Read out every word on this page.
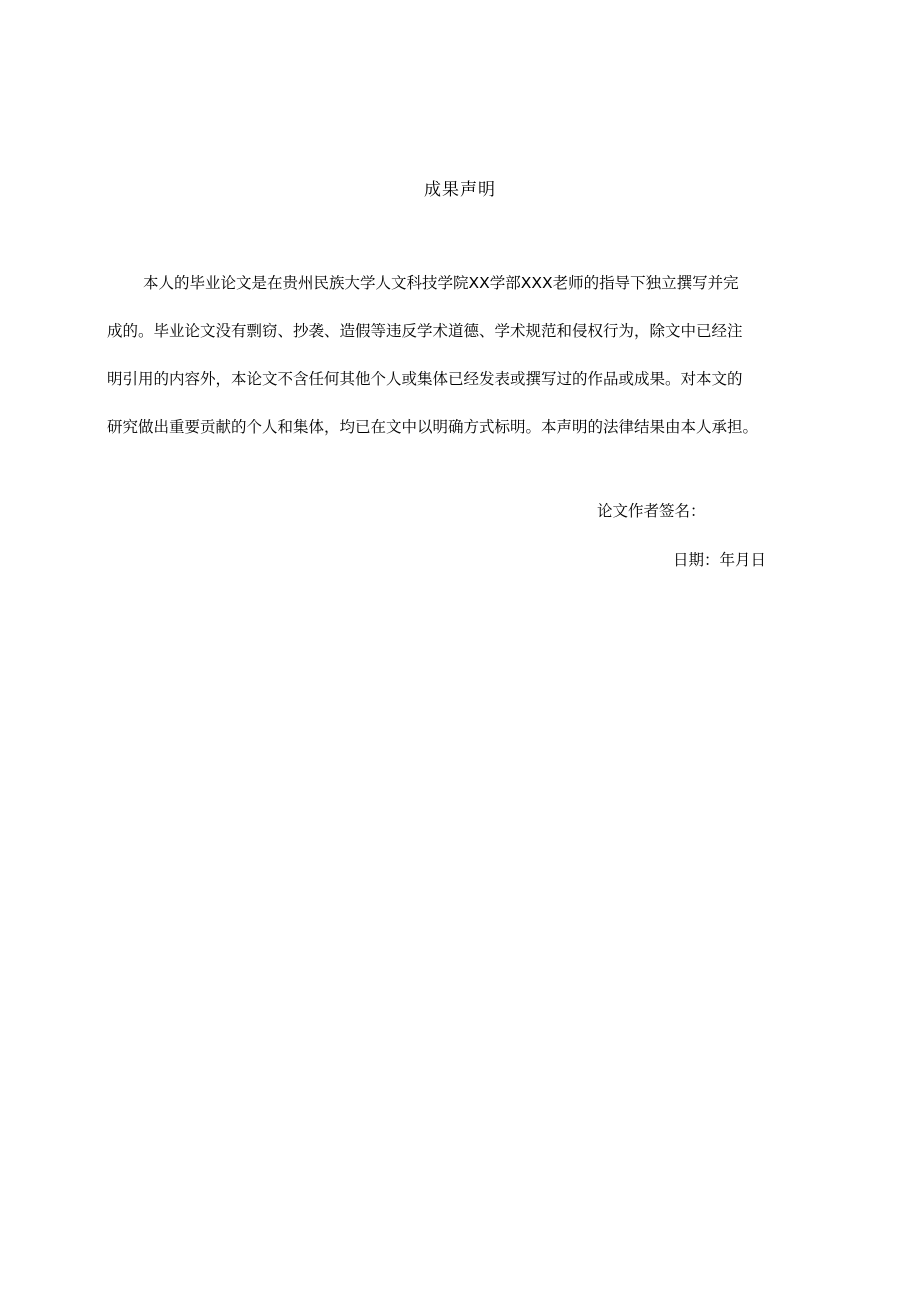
成果声明
本人的毕业论文是在贵州民族大学人文科技学院XX学部XXX老师的指导下独立撰写并完
成的。毕业论文没有剽窃、抄袭、造假等违反学术道德、学术规范和侵权行为，除文中已经注
明引用的内容外，本论文不含任何其他个人或集体已经发表或撰写过的作品或成果。对本文的
研究做出重要贡献的个人和集体，均已在文中以明确方式标明。本声明的法律结果由本人承担。
论文作者签名：
日期：年月日
